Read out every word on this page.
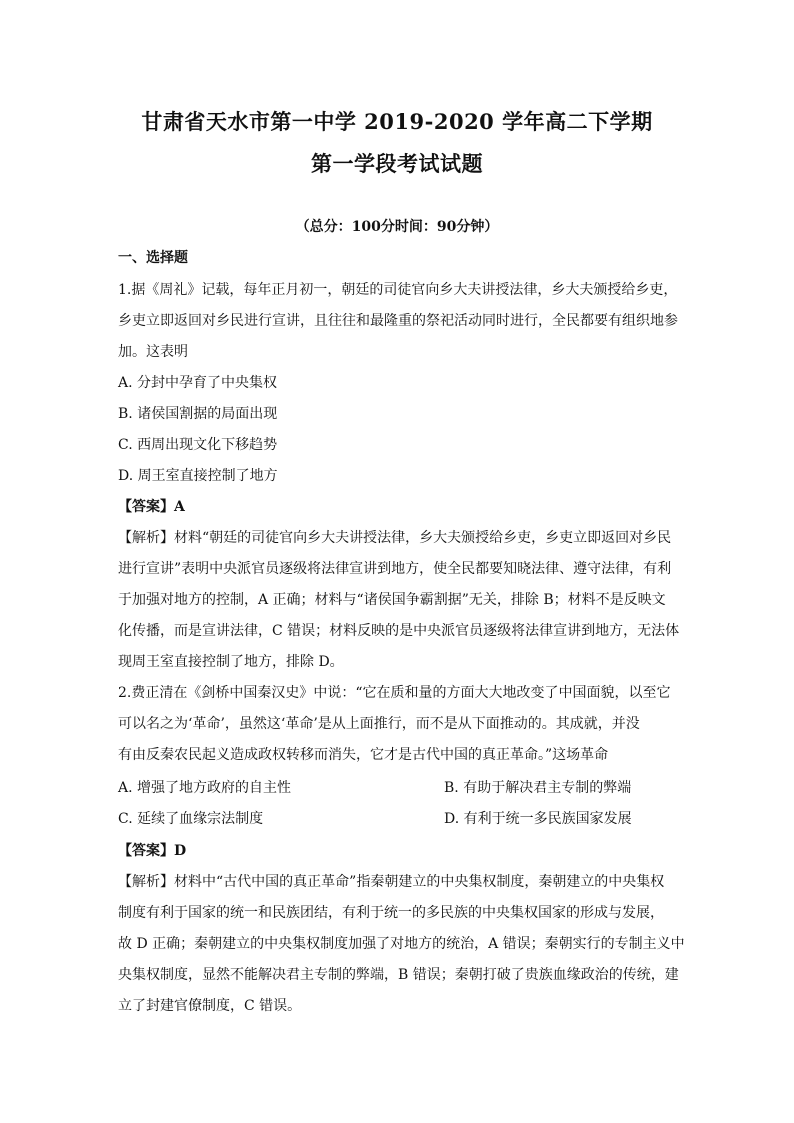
甘肃省天水市第一中学 2019-2020 学年高二下学期
第一学段考试试题
（总分：100分时间：90分钟）
一、选择题
1.据《周礼》记载，每年正月初一，朝廷的司徒官向乡大夫讲授法律，乡大夫颁授给乡吏，
乡吏立即返回对乡民进行宣讲，且往往和最隆重的祭祀活动同时进行，全民都要有组织地参
加。这表明
A. 分封中孕育了中央集权
B. 诸侯国割据的局面出现
C. 西周出现文化下移趋势
D. 周王室直接控制了地方
【答案】A
【解析】材料“朝廷的司徒官向乡大夫讲授法律，乡大夫颁授给乡吏，乡吏立即返回对乡民
进行宣讲”表明中央派官员逐级将法律宣讲到地方，使全民都要知晓法律、遵守法律，有利
于加强对地方的控制，A 正确；材料与“诸侯国争霸割据”无关，排除 B；材料不是反映文
化传播，而是宣讲法律，C 错误；材料反映的是中央派官员逐级将法律宣讲到地方，无法体
现周王室直接控制了地方，排除 D。
2.费正清在《剑桥中国秦汉史》中说：“它在质和量的方面大大地改变了中国面貌，以至它
可以名之为‘革命’，虽然这‘革命’是从上面推行，而不是从下面推动的。其成就，并没
有由反秦农民起义造成政权转移而消失，它才是古代中国的真正革命。”这场革命
A. 增强了地方政府的自主性	B. 有助于解决君主专制的弊端
C. 延续了血缘宗法制度	D. 有利于统一多民族国家发展
【答案】D
【解析】材料中“古代中国的真正革命”指秦朝建立的中央集权制度，秦朝建立的中央集权
制度有利于国家的统一和民族团结，有利于统一的多民族的中央集权国家的形成与发展，
故 D 正确；秦朝建立的中央集权制度加强了对地方的统治，A 错误；秦朝实行的专制主义中
央集权制度，显然不能解决君主专制的弊端，B 错误；秦朝打破了贵族血缘政治的传统，建
立了封建官僚制度，C 错误。
